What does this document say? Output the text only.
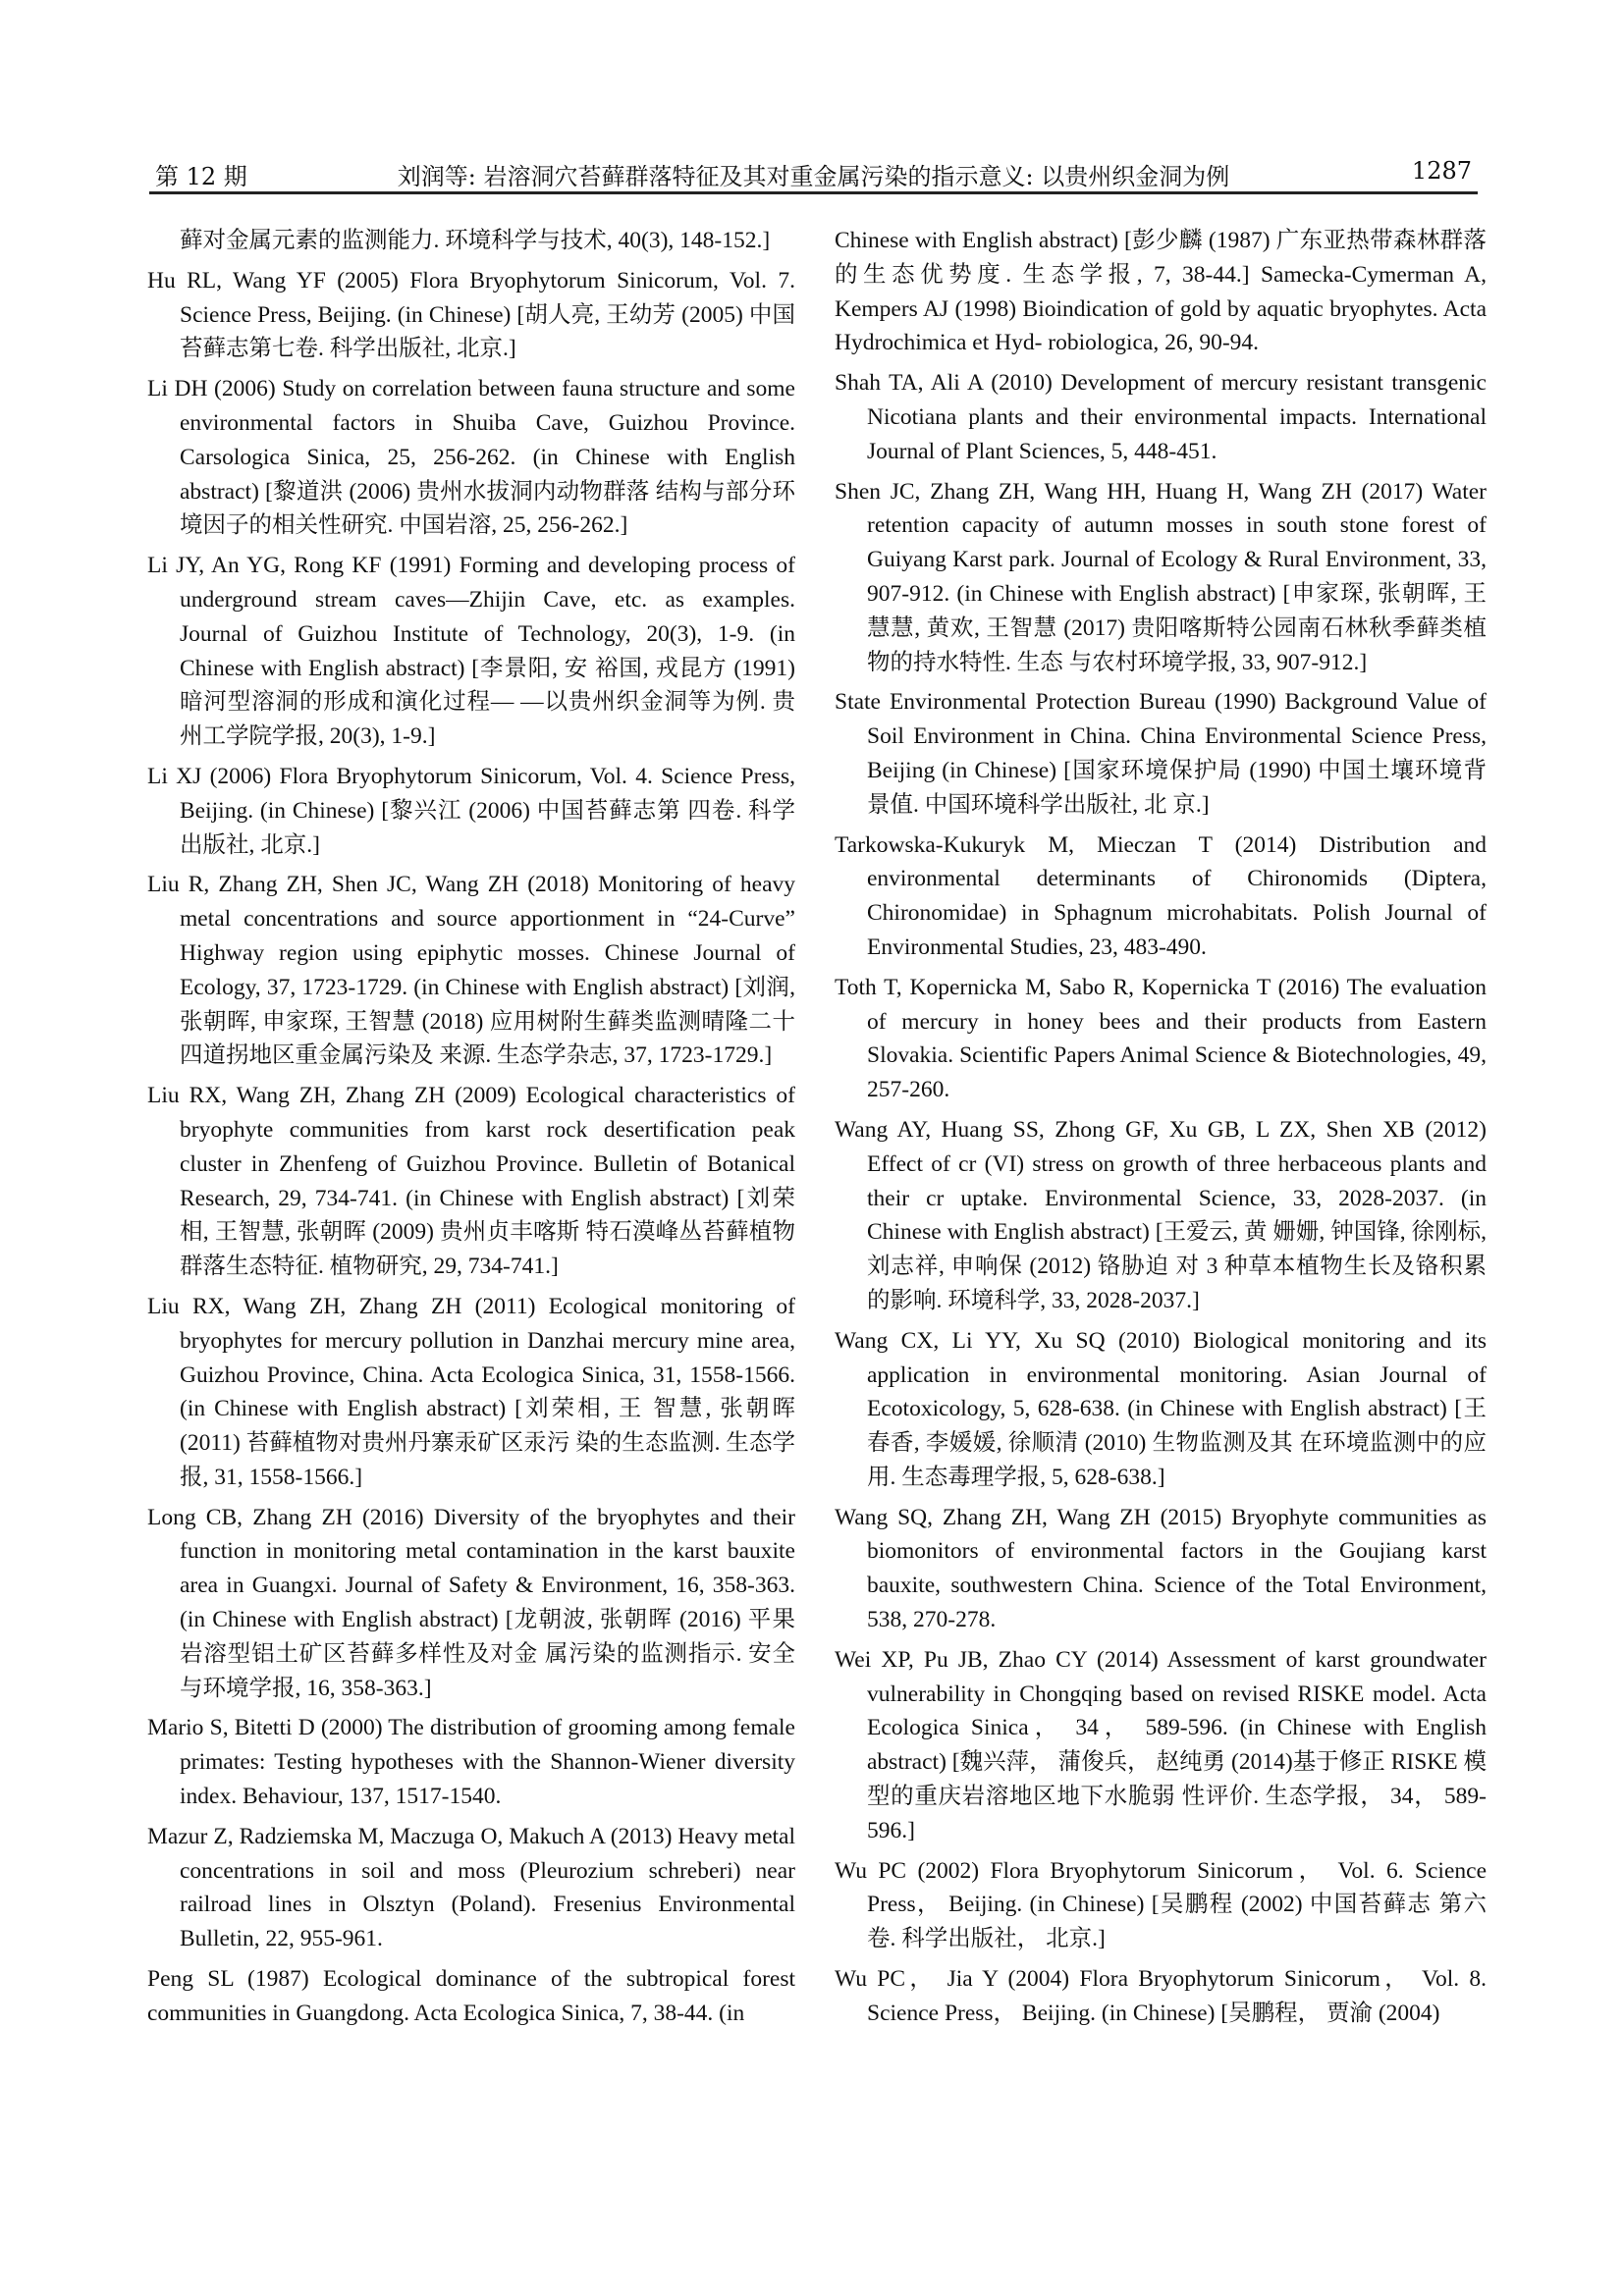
第 12 期	刘润等: 岩溶洞穴苔藓群落特征及其对重金属污染的指示意义: 以贵州织金洞为例	1287

藓对金属元素的监测能力. 环境科学与技术, 40(3), 148-152.]

Hu RL, Wang YF (2005) Flora Bryophytorum Sinicorum, Vol. 7. Science Press, Beijing. (in Chinese) [胡人亮, 王幼芳 (2005) 中国苔藓志第七卷. 科学出版社, 北京.]

Li DH (2006) Study on correlation between fauna structure and some environmental factors in Shuiba Cave, Guizhou Province. Carsologica Sinica, 25, 256-262. (in Chinese with English abstract) [黎道洪 (2006) 贵州水拔洞内动物群落 结构与部分环境因子的相关性研究. 中国岩溶, 25, 256-262.]

Li JY, An YG, Rong KF (1991) Forming and developing process of underground stream caves—Zhijin Cave, etc. as examples. Journal of Guizhou Institute of Technology, 20(3), 1-9. (in Chinese with English abstract) [李景阳, 安 裕国, 戎昆方 (1991) 暗河型溶洞的形成和演化过程— —以贵州织金洞等为例. 贵州工学院学报, 20(3), 1-9.]

Li XJ (2006) Flora Bryophytorum Sinicorum, Vol. 4. Science Press, Beijing. (in Chinese) [黎兴江 (2006) 中国苔藓志第 四卷. 科学出版社, 北京.]

Liu R, Zhang ZH, Shen JC, Wang ZH (2018) Monitoring of heavy metal concentrations and source apportionment in “24-Curve” Highway region using epiphytic mosses. Chinese Journal of Ecology, 37, 1723-1729. (in Chinese with English abstract) [刘润, 张朝晖, 申家琛, 王智慧 (2018) 应用树附生藓类监测晴隆二十四道拐地区重金属污染及 来源. 生态学杂志, 37, 1723-1729.]

Liu RX, Wang ZH, Zhang ZH (2009) Ecological characteristics of bryophyte communities from karst rock desertification peak cluster in Zhenfeng of Guizhou Province. Bulletin of Botanical Research, 29, 734-741. (in Chinese with English abstract) [刘荣相, 王智慧, 张朝晖 (2009) 贵州贞丰喀斯 特石漠峰丛苔藓植物群落生态特征. 植物研究, 29, 734-741.]

Liu RX, Wang ZH, Zhang ZH (2011) Ecological monitoring of bryophytes for mercury pollution in Danzhai mercury mine area, Guizhou Province, China. Acta Ecologica Sinica, 31, 1558-1566. (in Chinese with English abstract) [刘荣相, 王 智慧, 张朝晖 (2011) 苔藓植物对贵州丹寨汞矿区汞污 染的生态监测. 生态学报, 31, 1558-1566.]

Long CB, Zhang ZH (2016) Diversity of the bryophytes and their function in monitoring metal contamination in the karst bauxite area in Guangxi. Journal of Safety & Environment, 16, 358-363. (in Chinese with English abstract) [龙朝波, 张朝晖 (2016) 平果岩溶型铝土矿区苔藓多样性及对金 属污染的监测指示. 安全与环境学报, 16, 358-363.]

Mario S, Bitetti D (2000) The distribution of grooming among female primates: Testing hypotheses with the Shannon-Wiener diversity index. Behaviour, 137, 1517-1540.

Mazur Z, Radziemska M, Maczuga O, Makuch A (2013) Heavy metal concentrations in soil and moss (Pleurozium schreberi) near railroad lines in Olsztyn (Poland). Fresenius Environmental Bulletin, 22, 955-961.

Peng SL (1987) Ecological dominance of the subtropical forest communities in Guangdong. Acta Ecologica Sinica, 7, 38-44. (in

Chinese with English abstract) [彭少麟 (1987) 广东亚热带森林群落的生态优势度. 生态学报, 7, 38-44.] Samecka-Cymerman A, Kempers AJ (1998) Bioindication of gold by aquatic bryophytes. Acta Hydrochimica et Hyd- robiologica, 26, 90-94.

Shah TA, Ali A (2010) Development of mercury resistant transgenic Nicotiana plants and their environmental impacts. International Journal of Plant Sciences, 5, 448-451.

Shen JC, Zhang ZH, Wang HH, Huang H, Wang ZH (2017) Water retention capacity of autumn mosses in south stone forest of Guiyang Karst park. Journal of Ecology & Rural Environment, 33, 907-912. (in Chinese with English abstract) [申家琛, 张朝晖, 王慧慧, 黄欢, 王智慧 (2017) 贵阳喀斯特公园南石林秋季藓类植物的持水特性. 生态 与农村环境学报, 33, 907-912.]

State Environmental Protection Bureau (1990) Background Value of Soil Environment in China. China Environmental Science Press, Beijing (in Chinese) [国家环境保护局 (1990) 中国土壤环境背景值. 中国环境科学出版社, 北 京.]

Tarkowska-Kukuryk M, Mieczan T (2014) Distribution and environmental determinants of Chironomids (Diptera, Chironomidae) in Sphagnum microhabitats. Polish Journal of Environmental Studies, 23, 483-490.

Toth T, Kopernicka M, Sabo R, Kopernicka T (2016) The evaluation of mercury in honey bees and their products from Eastern Slovakia. Scientific Papers Animal Science & Biotechnologies, 49, 257-260.

Wang AY, Huang SS, Zhong GF, Xu GB, L ZX, Shen XB (2012) Effect of cr (VI) stress on growth of three herbaceous plants and their cr uptake. Environmental Science, 33, 2028-2037. (in Chinese with English abstract) [王爱云, 黄 姗姗, 钟国锋, 徐刚标, 刘志祥, 申响保 (2012) 铬胁迫 对 3 种草本植物生长及铬积累的影响. 环境科学, 33, 2028-2037.]

Wang CX, Li YY, Xu SQ (2010) Biological monitoring and its application in environmental monitoring. Asian Journal of Ecotoxicology, 5, 628-638. (in Chinese with English abstract) [王春香, 李媛媛, 徐顺清 (2010) 生物监测及其 在环境监测中的应用. 生态毒理学报, 5, 628-638.]

Wang SQ, Zhang ZH, Wang ZH (2015) Bryophyte communities as biomonitors of environmental factors in the Goujiang karst bauxite, southwestern China. Science of the Total Environment, 538, 270-278.

Wei XP, Pu JB, Zhao CY (2014) Assessment of karst groundwater vulnerability in Chongqing based on revised RISKE model. Acta Ecologica Sinica， 34， 589-596. (in Chinese with English abstract) [魏兴萍， 蒲俊兵， 赵纯勇 (2014)基于修正 RISKE 模型的重庆岩溶地区地下水脆弱 性评价. 生态学报， 34， 589-596.]

Wu PC (2002) Flora Bryophytorum Sinicorum， Vol. 6. Science Press， Beijing. (in Chinese) [吴鹏程 (2002) 中国苔藓志 第六卷. 科学出版社， 北京.]

Wu PC， Jia Y (2004) Flora Bryophytorum Sinicorum， Vol. 8. Science Press， Beijing. (in Chinese) [吴鹏程， 贾渝 (2004)
